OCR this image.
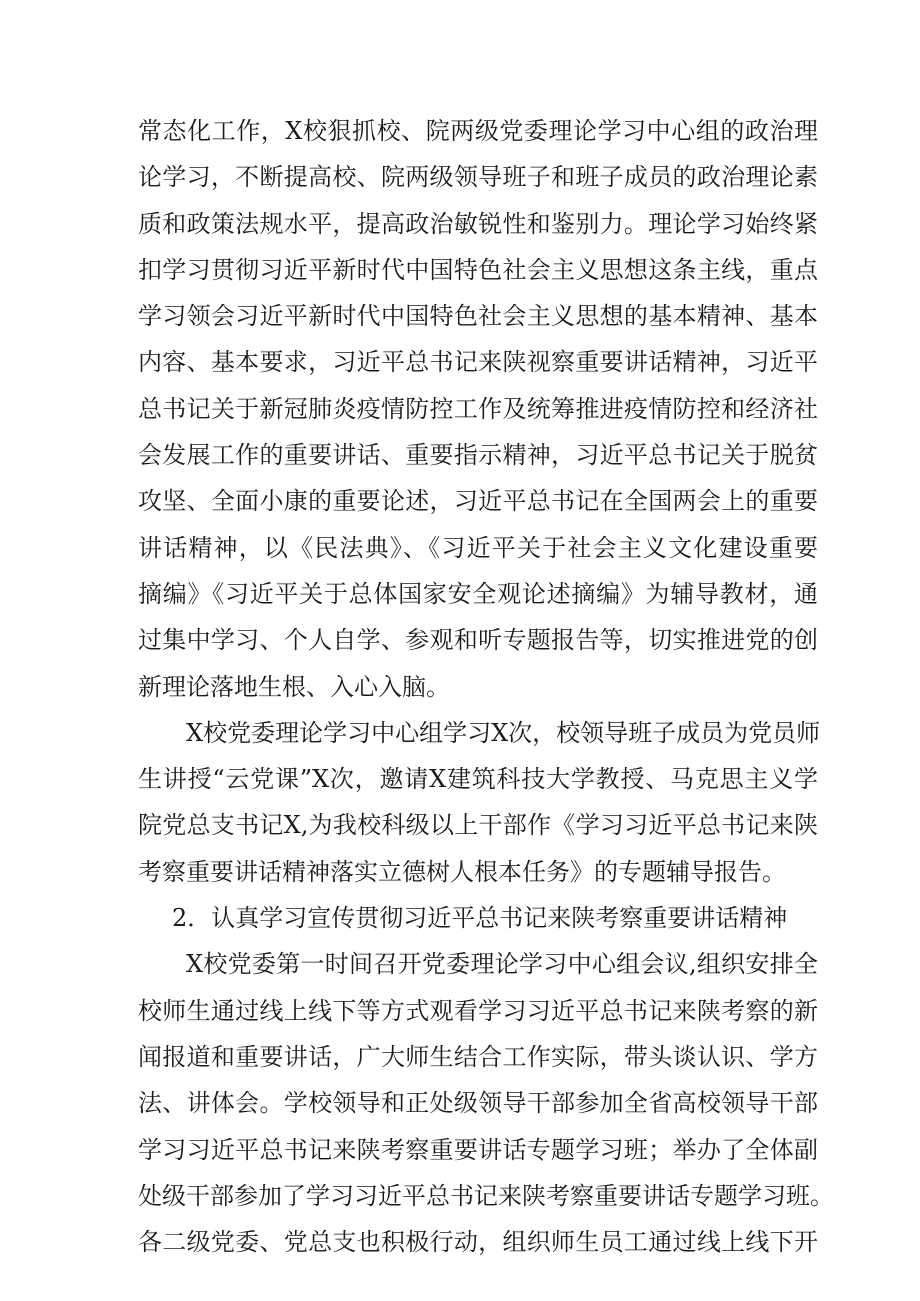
常态化工作，X校狠抓校、院两级党委理论学习中心组的政治理
论学习，不断提高校、院两级领导班子和班子成员的政治理论素
质和政策法规水平，提高政治敏锐性和鉴别力。理论学习始终紧
扣学习贯彻习近平新时代中国特色社会主义思想这条主线，重点
学习领会习近平新时代中国特色社会主义思想的基本精神、基本
内容、基本要求，习近平总书记来陕视察重要讲话精神，习近平
总书记关于新冠肺炎疫情防控工作及统筹推进疫情防控和经济社
会发展工作的重要讲话、重要指示精神，习近平总书记关于脱贫
攻坚、全面小康的重要论述，习近平总书记在全国两会上的重要
讲话精神，以《民法典》、《习近平关于社会主义文化建设重要
摘编》《习近平关于总体国家安全观论述摘编》为辅导教材，通
过集中学习、个人自学、参观和听专题报告等，切实推进党的创
新理论落地生根、入心入脑。
X校党委理论学习中心组学习X次，校领导班子成员为党员师
生讲授“云党课”X次，邀请X建筑科技大学教授、马克思主义学
院党总支书记X,为我校科级以上干部作《学习习近平总书记来陕
考察重要讲话精神落实立德树人根本任务》的专题辅导报告。
2．认真学习宣传贯彻习近平总书记来陕考察重要讲话精神
X校党委第一时间召开党委理论学习中心组会议,组织安排全
校师生通过线上线下等方式观看学习习近平总书记来陕考察的新
闻报道和重要讲话，广大师生结合工作实际，带头谈认识、学方
法、讲体会。学校领导和正处级领导干部参加全省高校领导干部
学习习近平总书记来陕考察重要讲话专题学习班；举办了全体副
处级干部参加了学习习近平总书记来陕考察重要讲话专题学习班。
各二级党委、党总支也积极行动，组织师生员工通过线上线下开
